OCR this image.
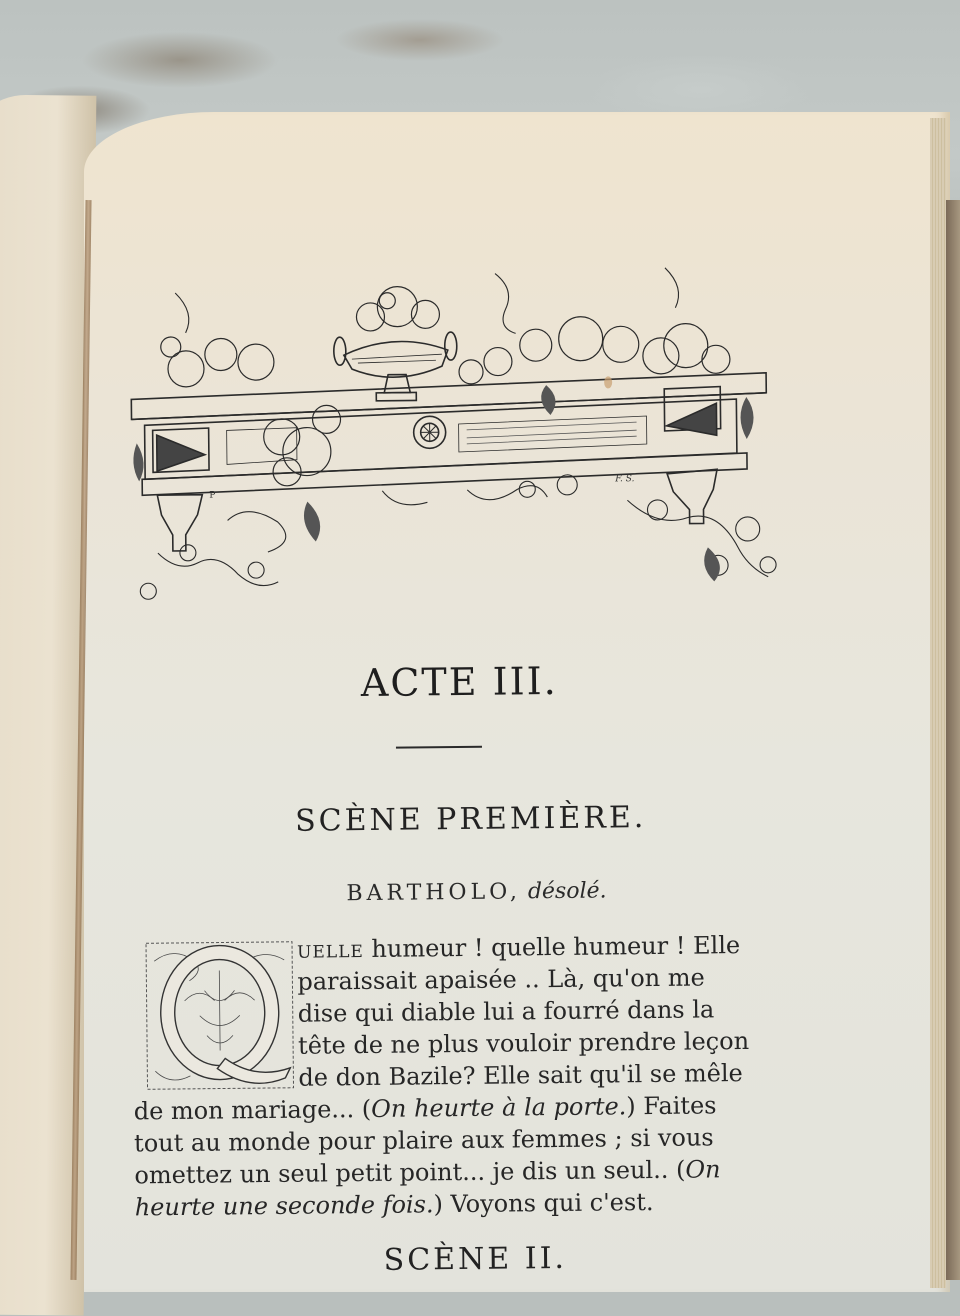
P
F. S.
ACTE III.
SCÈNE PREMIÈRE.
BARTHOLO, désolé.
Q	uelle humeur ! quelle humeur ! Elle
paraissait apaisée .. Là, qu'on me
dise qui diable lui a fourré dans la
tête de ne plus vouloir prendre leçon
de don Bazile? Elle sait qu'il se mêle
de mon mariage... (On heurte à la porte.) Faites
tout au monde pour plaire aux femmes ; si vous
omettez un seul petit point... je dis un seul.. (On
heurte une seconde fois.) Voyons qui c'est.
SCÈNE II.
